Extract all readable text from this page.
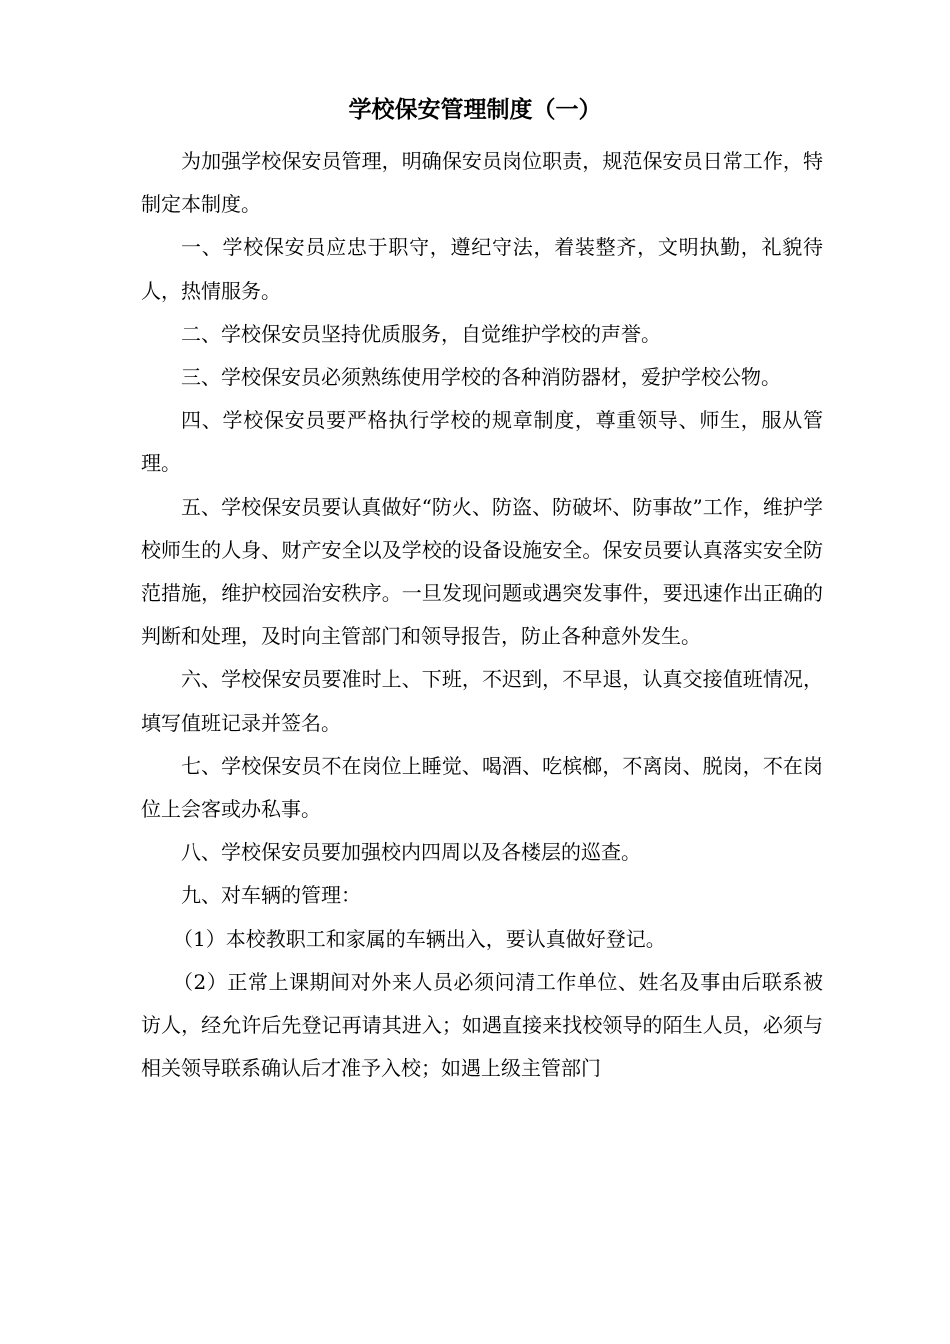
学校保安管理制度（一）

为加强学校保安员管理，明确保安员岗位职责，规范保安员日常工作，特制定本制度。

一、学校保安员应忠于职守，遵纪守法，着装整齐，文明执勤，礼貌待人，热情服务。

二、学校保安员坚持优质服务，自觉维护学校的声誉。

三、学校保安员必须熟练使用学校的各种消防器材，爱护学校公物。

四、学校保安员要严格执行学校的规章制度，尊重领导、师生，服从管理。

五、学校保安员要认真做好“防火、防盗、防破坏、防事故”工作，维护学校师生的人身、财产安全以及学校的设备设施安全。保安员要认真落实安全防范措施，维护校园治安秩序。一旦发现问题或遇突发事件，要迅速作出正确的判断和处理，及时向主管部门和领导报告，防止各种意外发生。

六、学校保安员要准时上、下班，不迟到，不早退，认真交接值班情况，填写值班记录并签名。

七、学校保安员不在岗位上睡觉、喝酒、吃槟榔，不离岗、脱岗，不在岗位上会客或办私事。

八、学校保安员要加强校内四周以及各楼层的巡查。

九、对车辆的管理：

（1）本校教职工和家属的车辆出入，要认真做好登记。

（2）正常上课期间对外来人员必须问清工作单位、姓名及事由后联系被访人，经允许后先登记再请其进入；如遇直接来找校领导的陌生人员，必须与相关领导联系确认后才准予入校；如遇上级主管部门
